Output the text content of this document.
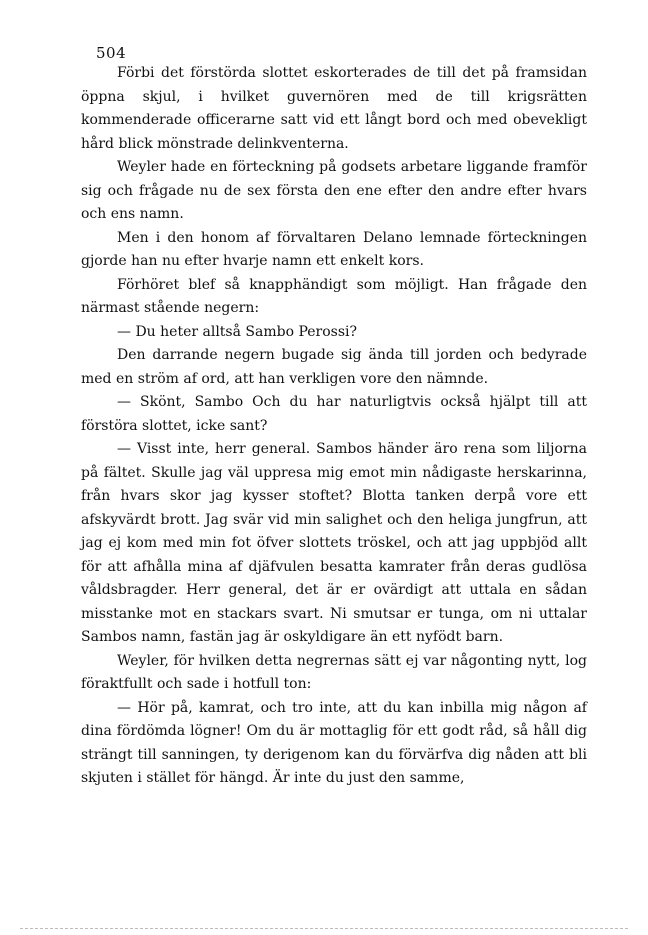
504

Förbi det förstörda slottet eskorterades de till det på framsidan öppna skjul, i hvilket guvernören med de till krigsrätten kommenderade officerarne satt vid ett långt bord och med obevekligt hård blick mönstrade delinkventerna.

Weyler hade en förteckning på godsets arbetare liggande framför sig och frågade nu de sex första den ene efter den andre efter hvars och ens namn.

Men i den honom af förvaltaren Delano lemnade förteckningen gjorde han nu efter hvarje namn ett enkelt kors.

Förhöret blef så knapphändigt som möjligt. Han frågade den närmast stående negern:

— Du heter alltså Sambo Perossi?

Den darrande negern bugade sig ända till jorden och bedyrade med en ström af ord, att han verkligen vore den nämnde.

— Skönt, Sambo Och du har naturligtvis också hjälpt till att förstöra slottet, icke sant?

— Visst inte, herr general. Sambos händer äro rena som liljorna på fältet. Skulle jag väl uppresa mig emot min nådigaste herskarinna, från hvars skor jag kysser stoftet? Blotta tanken derpå vore ett afskyvärdt brott. Jag svär vid min salighet och den heliga jungfrun, att jag ej kom med min fot öfver slottets tröskel, och att jag uppbjöd allt för att afhålla mina af djäfvulen besatta kamrater från deras gudlösa våldsbragder. Herr general, det är er ovärdigt att uttala en sådan misstanke mot en stackars svart. Ni smutsar er tunga, om ni uttalar Sambos namn, fastän jag är oskyldigare än ett nyfödt barn.

Weyler, för hvilken detta negrernas sätt ej var någonting nytt, log föraktfullt och sade i hotfull ton:

— Hör på, kamrat, och tro inte, att du kan inbilla mig någon af dina fördömda lögner! Om du är mottaglig för ett godt råd, så håll dig strängt till sanningen, ty derigenom kan du förvärfva dig nåden att bli skjuten i stället för hängd. Är inte du just den samme,
